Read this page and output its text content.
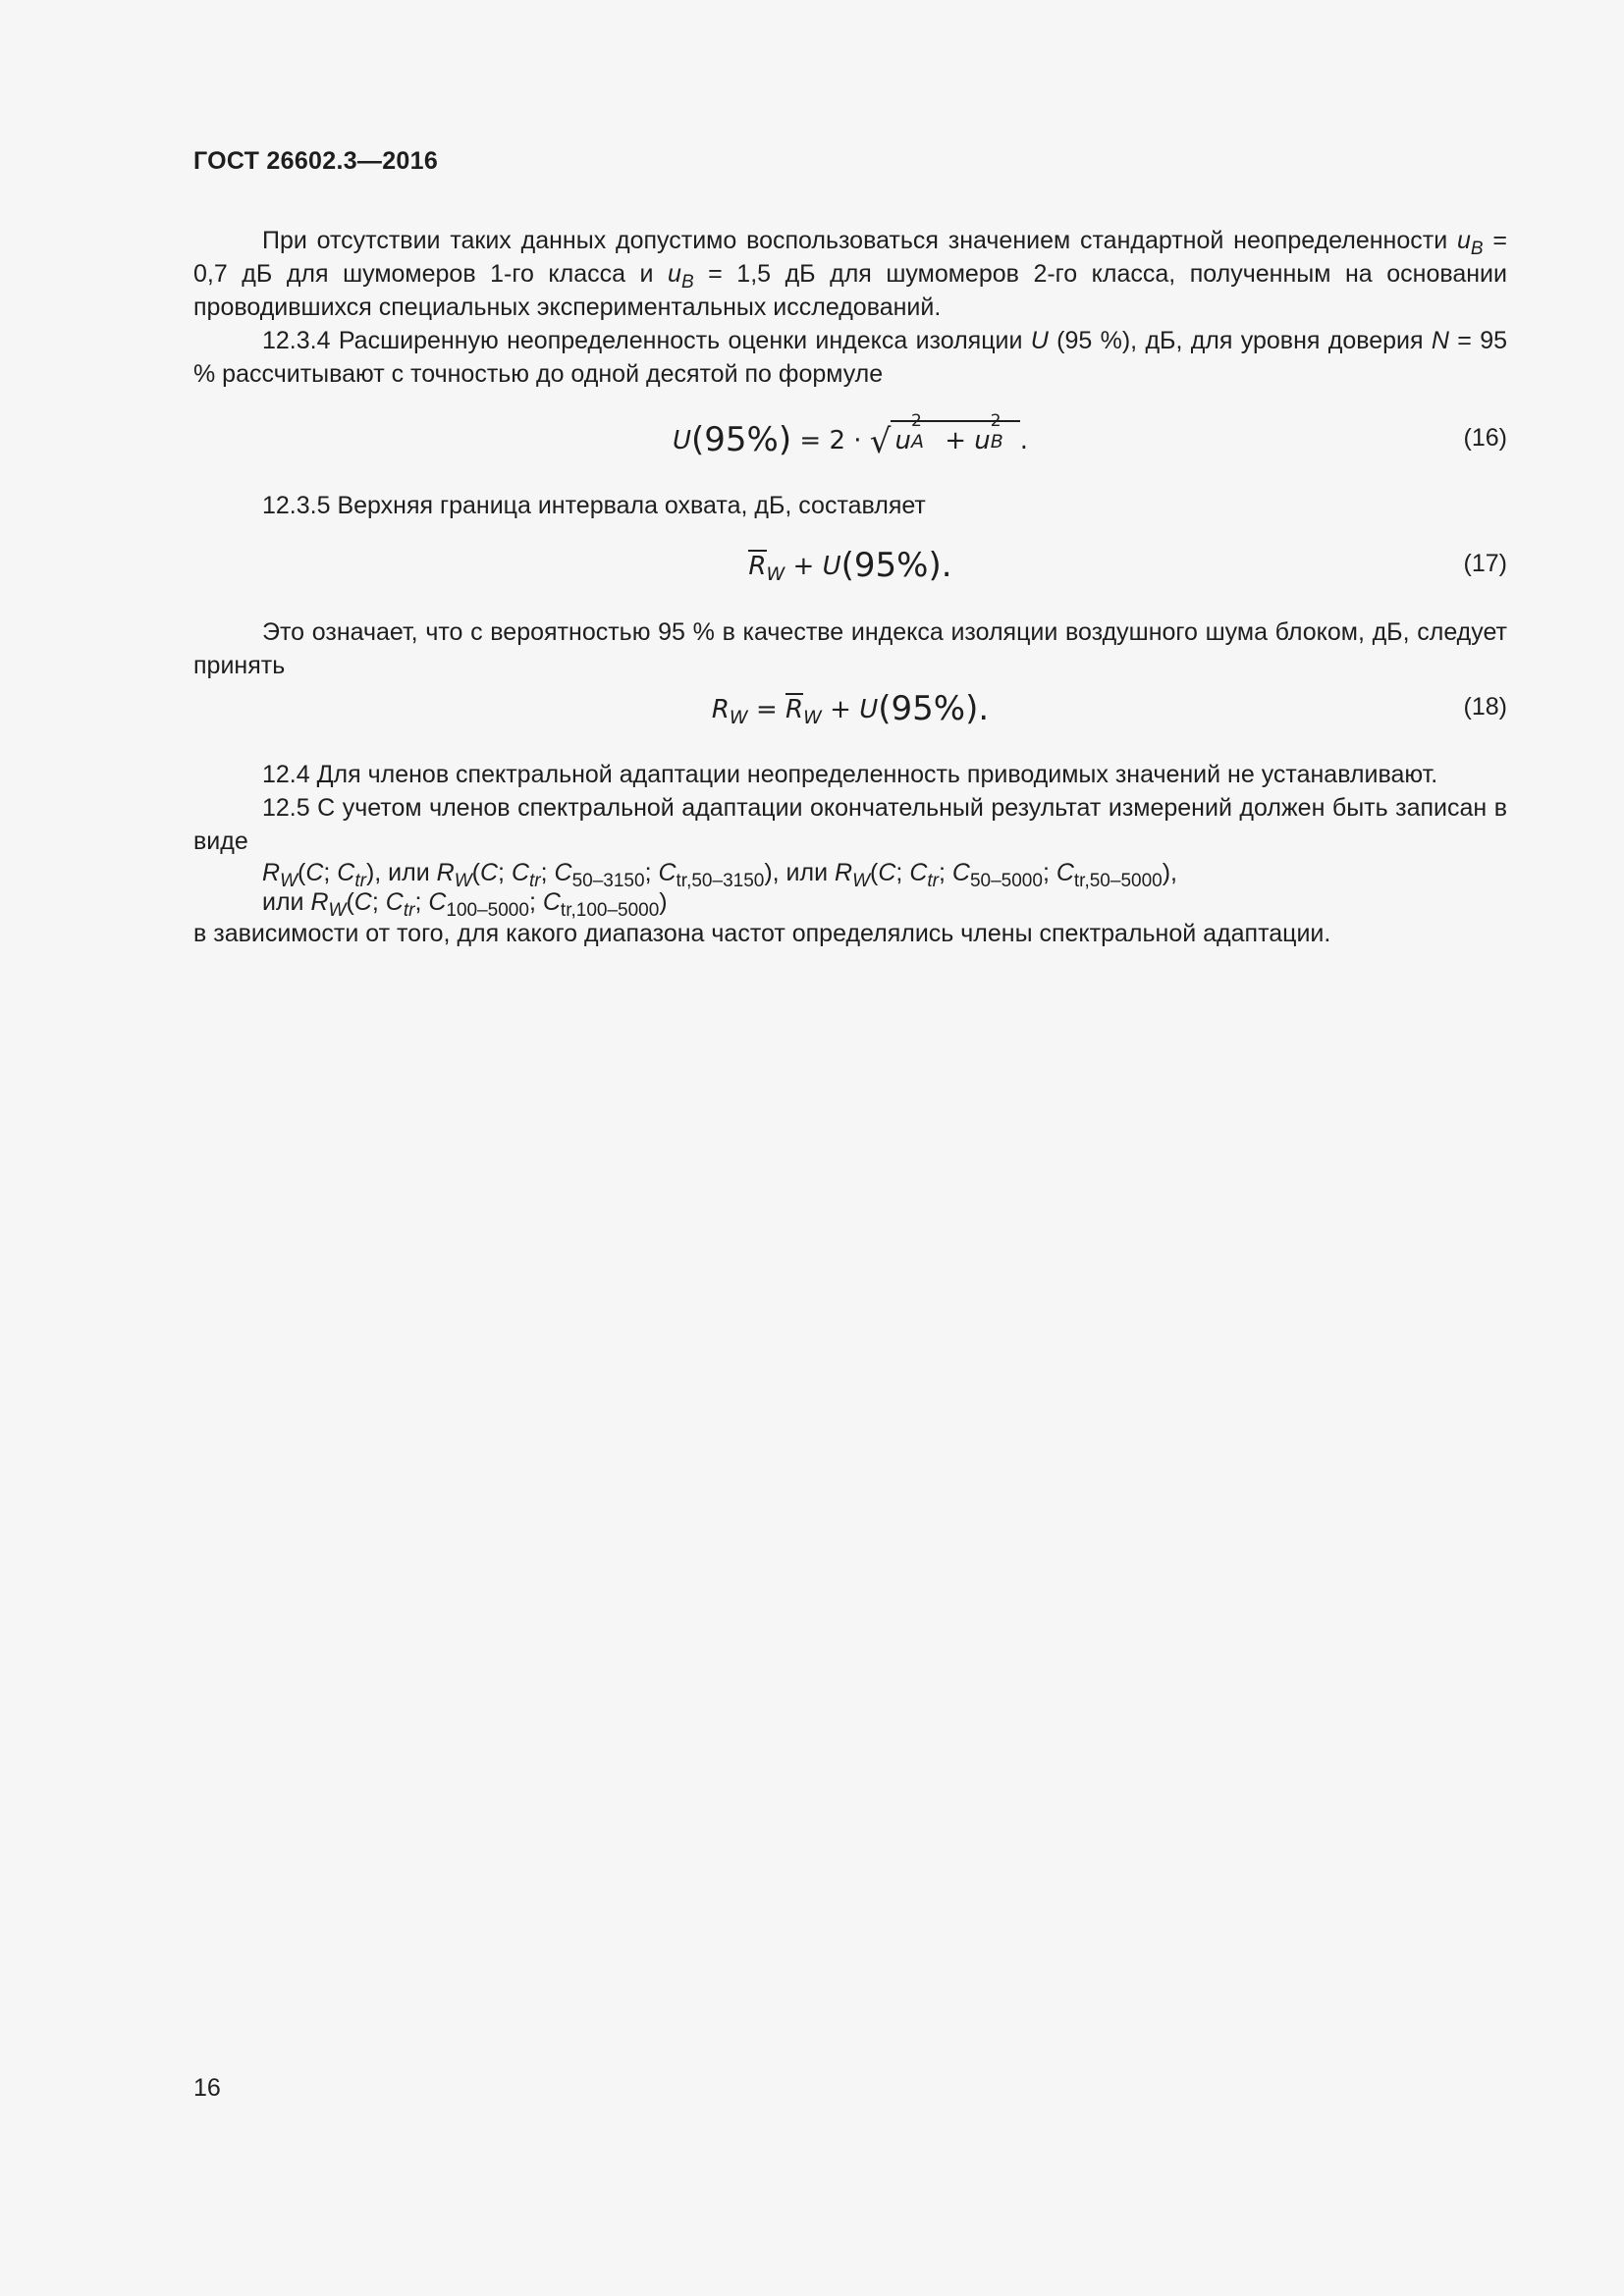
ГОСТ 26602.3—2016

При отсутствии таких данных допустимо воспользоваться значением стандартной неопределенности $u_B = 0,7$ дБ для шумомеров 1-го класса и $u_B = 1,5$ дБ для шумомеров 2-го класса, полученным на основании проводившихся специальных экспериментальных исследований.

12.3.4 Расширенную неопределенность оценки индекса изоляции U (95 %), дБ, для уровня доверия N = 95 % рассчитывают с точностью до одной десятой по формуле

U(95%) = 2 · √ u
2
A + u
2
B .	(16)

12.3.5 Верхняя граница интервала охвата, дБ, составляет

$R_W + U(95\%)$.	(17)

Это означает, что с вероятностью 95 % в качестве индекса изоляции воздушного шума блоком, дБ, следует принять

$R_W = R_W + U(95\%)$.	(18)

12.4 Для членов спектральной адаптации неопределенность приводимых значений не устанавливают.

12.5 С учетом членов спектральной адаптации окончательный результат измерений должен быть записан в виде

$R_W(C$; $C_{tr}$), или $R_W(C$; $C_{tr}$; $C_{50-3150}$; $C_{tr,50-3150}$), или $R_W(C$; $C_{tr}$; $C_{50-5000}$; $C_{tr,50-5000}$),
или $R_W(C$; $C_{tr}$; $C_{100-5000}$; $C_{tr,100-5000}$)
в зависимости от того, для какого диапазона частот определялись члены спектральной адаптации.
16
